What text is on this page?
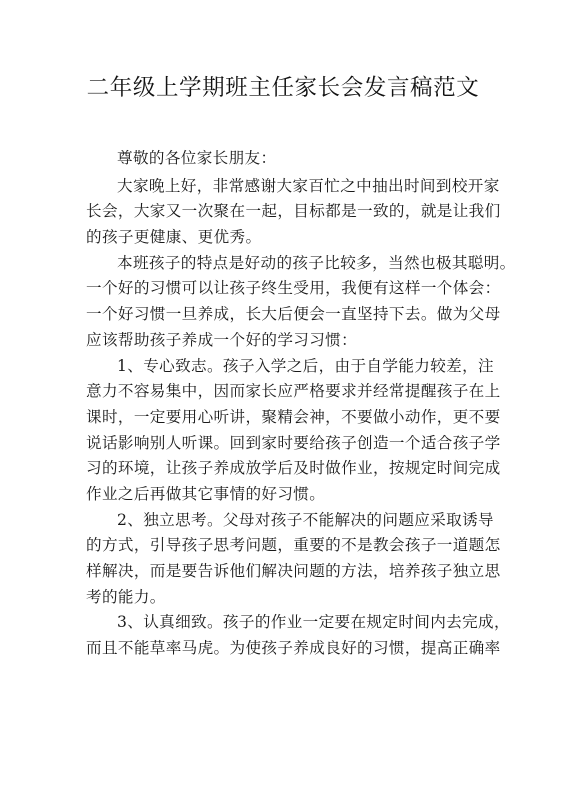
二年级上学期班主任家长会发言稿范文
尊敬的各位家长朋友：
大家晚上好，非常感谢大家百忙之中抽出时间到校开家
长会，大家又一次聚在一起，目标都是一致的，就是让我们
的孩子更健康、更优秀。
本班孩子的特点是好动的孩子比较多，当然也极其聪明。
一个好的习惯可以让孩子终生受用，我便有这样一个体会：
一个好习惯一旦养成，长大后便会一直坚持下去。做为父母
应该帮助孩子养成一个好的学习习惯：
1、专心致志。孩子入学之后，由于自学能力较差，注
意力不容易集中，因而家长应严格要求并经常提醒孩子在上
课时，一定要用心听讲，聚精会神，不要做小动作，更不要
说话影响别人听课。回到家时要给孩子创造一个适合孩子学
习的环境，让孩子养成放学后及时做作业，按规定时间完成
作业之后再做其它事情的好习惯。
2、独立思考。父母对孩子不能解决的问题应采取诱导
的方式，引导孩子思考问题，重要的不是教会孩子一道题怎
样解决，而是要告诉他们解决问题的方法，培养孩子独立思
考的能力。
3、认真细致。孩子的作业一定要在规定时间内去完成，
而且不能草率马虎。为使孩子养成良好的习惯，提高正确率
